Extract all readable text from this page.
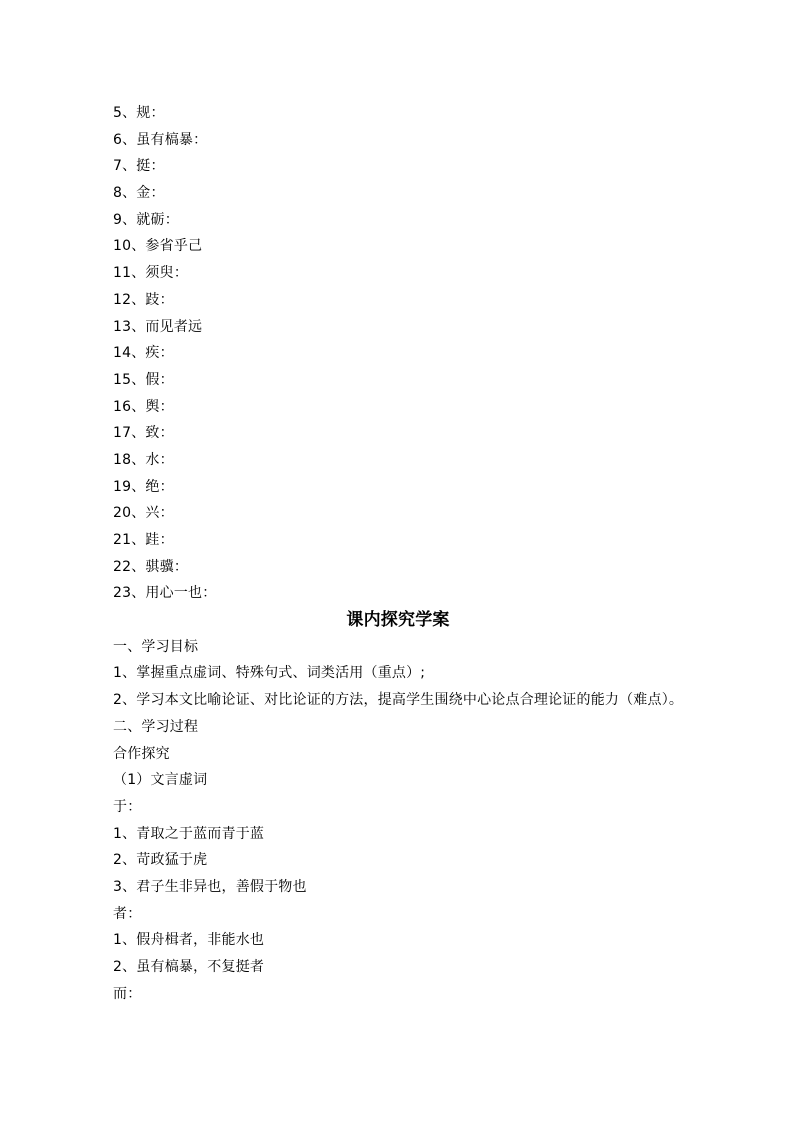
5、规：
6、虽有槁暴：
7、挺：
8、金：
9、就砺：
10、参省乎己
11、须臾：
12、跂：
13、而见者远
14、疾：
15、假：
16、舆：
17、致：
18、水：
19、绝：
20、兴：
21、跬：
22、骐骥：
23、用心一也：
课内探究学案
一、学习目标
1、掌握重点虚词、特殊句式、词类活用（重点）;
2、学习本文比喻论证、对比论证的方法，提高学生围绕中心论点合理论证的能力（难点）。
二、学习过程
合作探究
（1）文言虚词
于：
1、青取之于蓝而青于蓝
2、苛政猛于虎
3、君子生非异也，善假于物也
者：
1、假舟楫者，非能水也
2、虽有槁暴，不复挺者
而：
